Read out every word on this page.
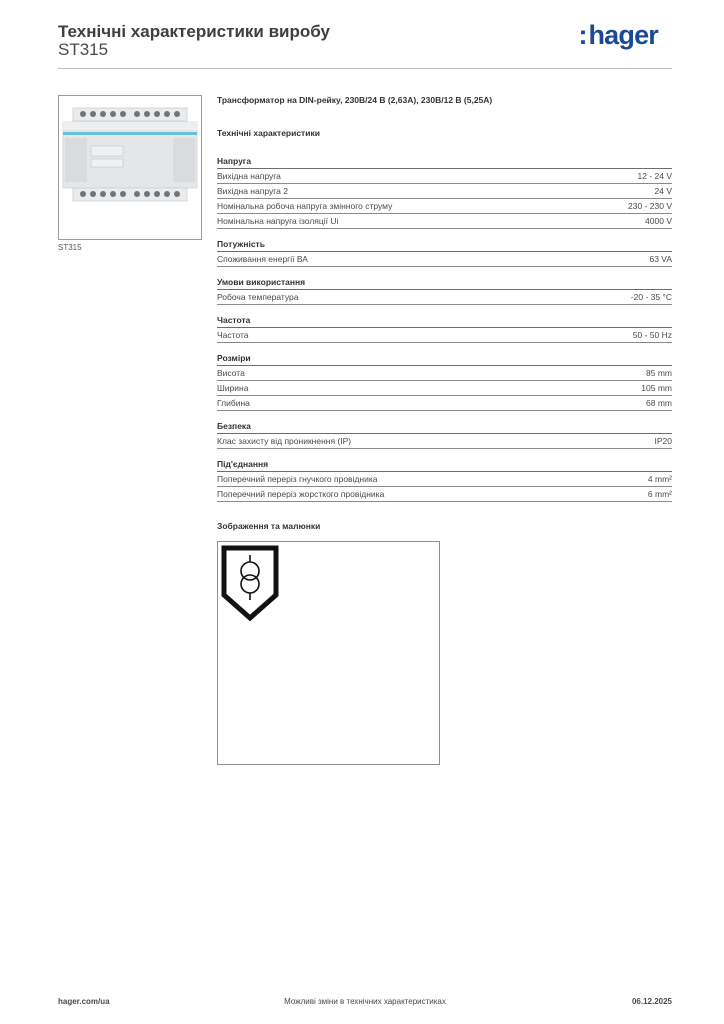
Технічні характеристики виробу
ST315	:hager
ST315
Трансформатор на DIN-рейку, 230В/24 В (2,63А), 230В/12 В (5,25А)
Технічні характеристики
Напруга
Вихідна напруга	12 - 24 V
Вихідна напруга 2	24 V
Номінальна робоча напруга змінного струму	230 - 230 V
Номінальна напруга ізоляції Ui	4000 V
Потужність
Споживання енергії ВА	63 VA
Умови використання
Робоча температура	-20 - 35 °C
Частота
Частота	50 - 50 Hz
Розміри
Висота	85 mm
Ширина	105 mm
Глибина	68 mm
Безпека
Клас захисту від проникнення (IP)	IP20
Під'єднання
Поперечний переріз гнучкого провідника	4 mm²
Поперечний переріз жорсткого провідника	6 mm²
Зображення та малюнки
hager.com/ua	Можливі зміни в технічних характеристиках	06.12.2025
